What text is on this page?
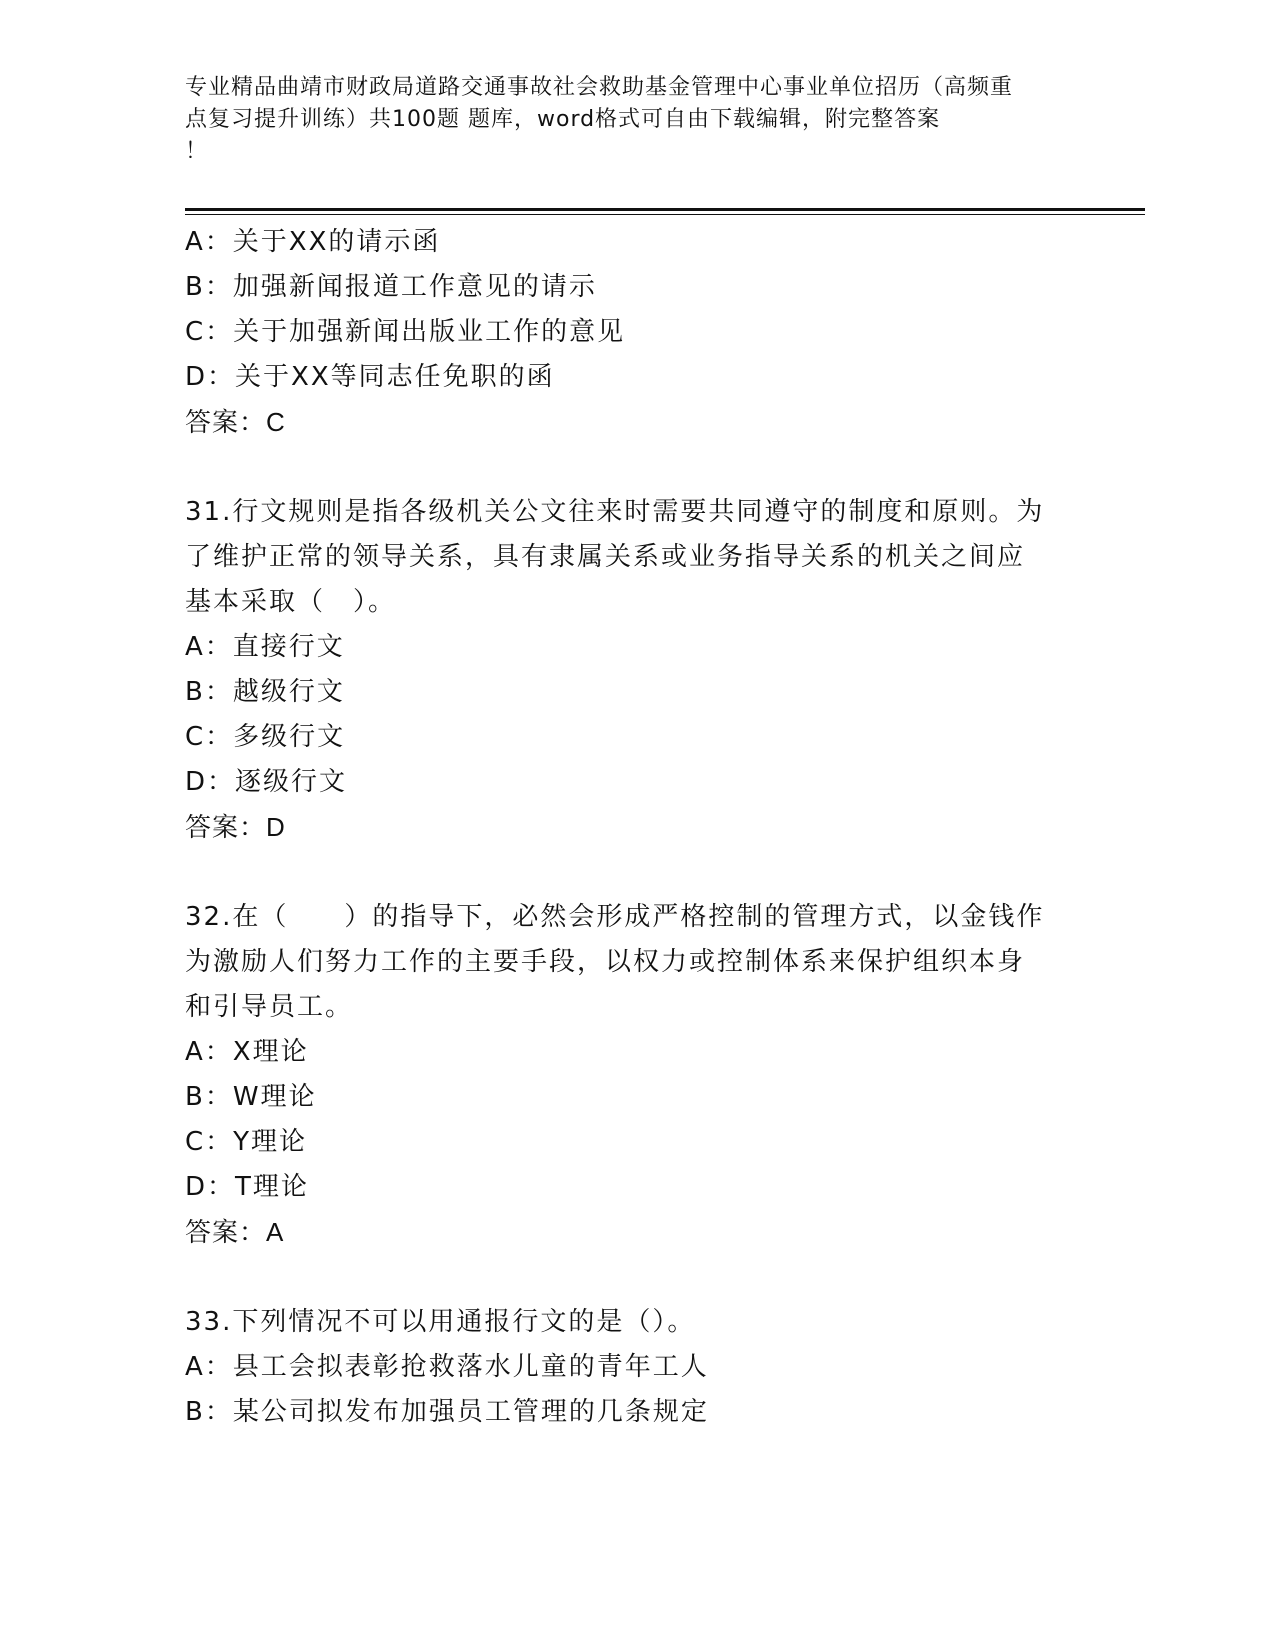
专业精品曲靖市财政局道路交通事故社会救助基金管理中心事业单位招历（高频重
点复习提升训练）共100题 题库，word格式可自由下载编辑，附完整答案
！
A：关于XX的请示函
B：加强新闻报道工作意见的请示
C：关于加强新闻出版业工作的意见
D：关于XX等同志任免职的函
答案：C
31.行文规则是指各级机关公文往来时需要共同遵守的制度和原则。为
了维护正常的领导关系，具有隶属关系或业务指导关系的机关之间应
基本采取（　）。
A：直接行文
B：越级行文
C：多级行文
D：逐级行文
答案：D
32.在（　　）的指导下，必然会形成严格控制的管理方式，以金钱作
为激励人们努力工作的主要手段，以权力或控制体系来保护组织本身
和引导员工。
A：X理论
B：W理论
C：Y理论
D：T理论
答案：A
33.下列情况不可以用通报行文的是（）。
A：县工会拟表彰抢救落水儿童的青年工人
B：某公司拟发布加强员工管理的几条规定
